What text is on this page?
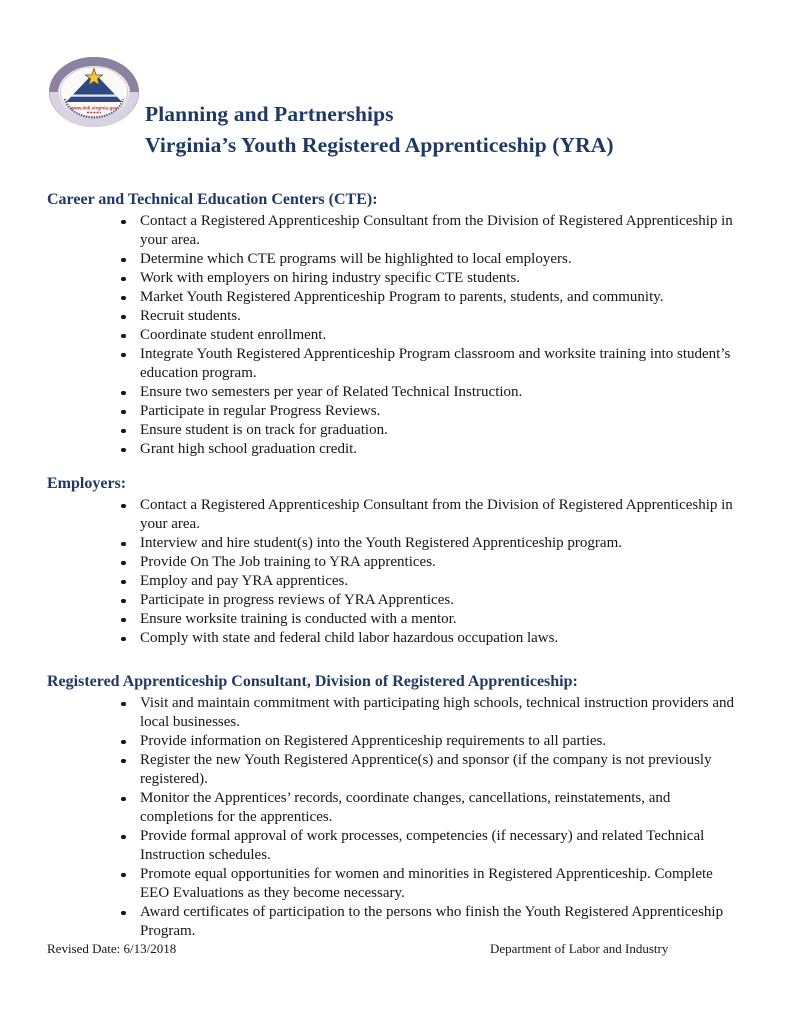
www.doli.virginia.gov Planning and Partnerships
Virginia’s Youth Registered Apprenticeship (YRA)
Career and Technical Education Centers (CTE):
Contact a Registered Apprenticeship Consultant from the Division of Registered Apprenticeship in your area.
Determine which CTE programs will be highlighted to local employers.
Work with employers on hiring industry specific CTE students.
Market Youth Registered Apprenticeship Program to parents, students, and community.
Recruit students.
Coordinate student enrollment.
Integrate Youth Registered Apprenticeship Program classroom and worksite training into student’s education program.
Ensure two semesters per year of Related Technical Instruction.
Participate in regular Progress Reviews.
Ensure student is on track for graduation.
Grant high school graduation credit.
Employers:
Contact a Registered Apprenticeship Consultant from the Division of Registered Apprenticeship in your area.
Interview and hire student(s) into the Youth Registered Apprenticeship program.
Provide On The Job training to YRA apprentices.
Employ and pay YRA apprentices.
Participate in progress reviews of YRA Apprentices.
Ensure worksite training is conducted with a mentor.
Comply with state and federal child labor hazardous occupation laws.
Registered Apprenticeship Consultant, Division of Registered Apprenticeship:
Visit and maintain commitment with participating high schools, technical instruction providers and local businesses.
Provide information on Registered Apprenticeship requirements to all parties.
Register the new Youth Registered Apprentice(s) and sponsor (if the company is not previously registered).
Monitor the Apprentices’ records, coordinate changes, cancellations, reinstatements, and completions for the apprentices.
Provide formal approval of work processes, competencies (if necessary) and related Technical Instruction schedules.
Promote equal opportunities for women and minorities in Registered Apprenticeship. Complete EEO Evaluations as they become necessary.
Award certificates of participation to the persons who finish the Youth Registered Apprenticeship Program.
Revised Date: 6/13/2018	Department of Labor and Industry
